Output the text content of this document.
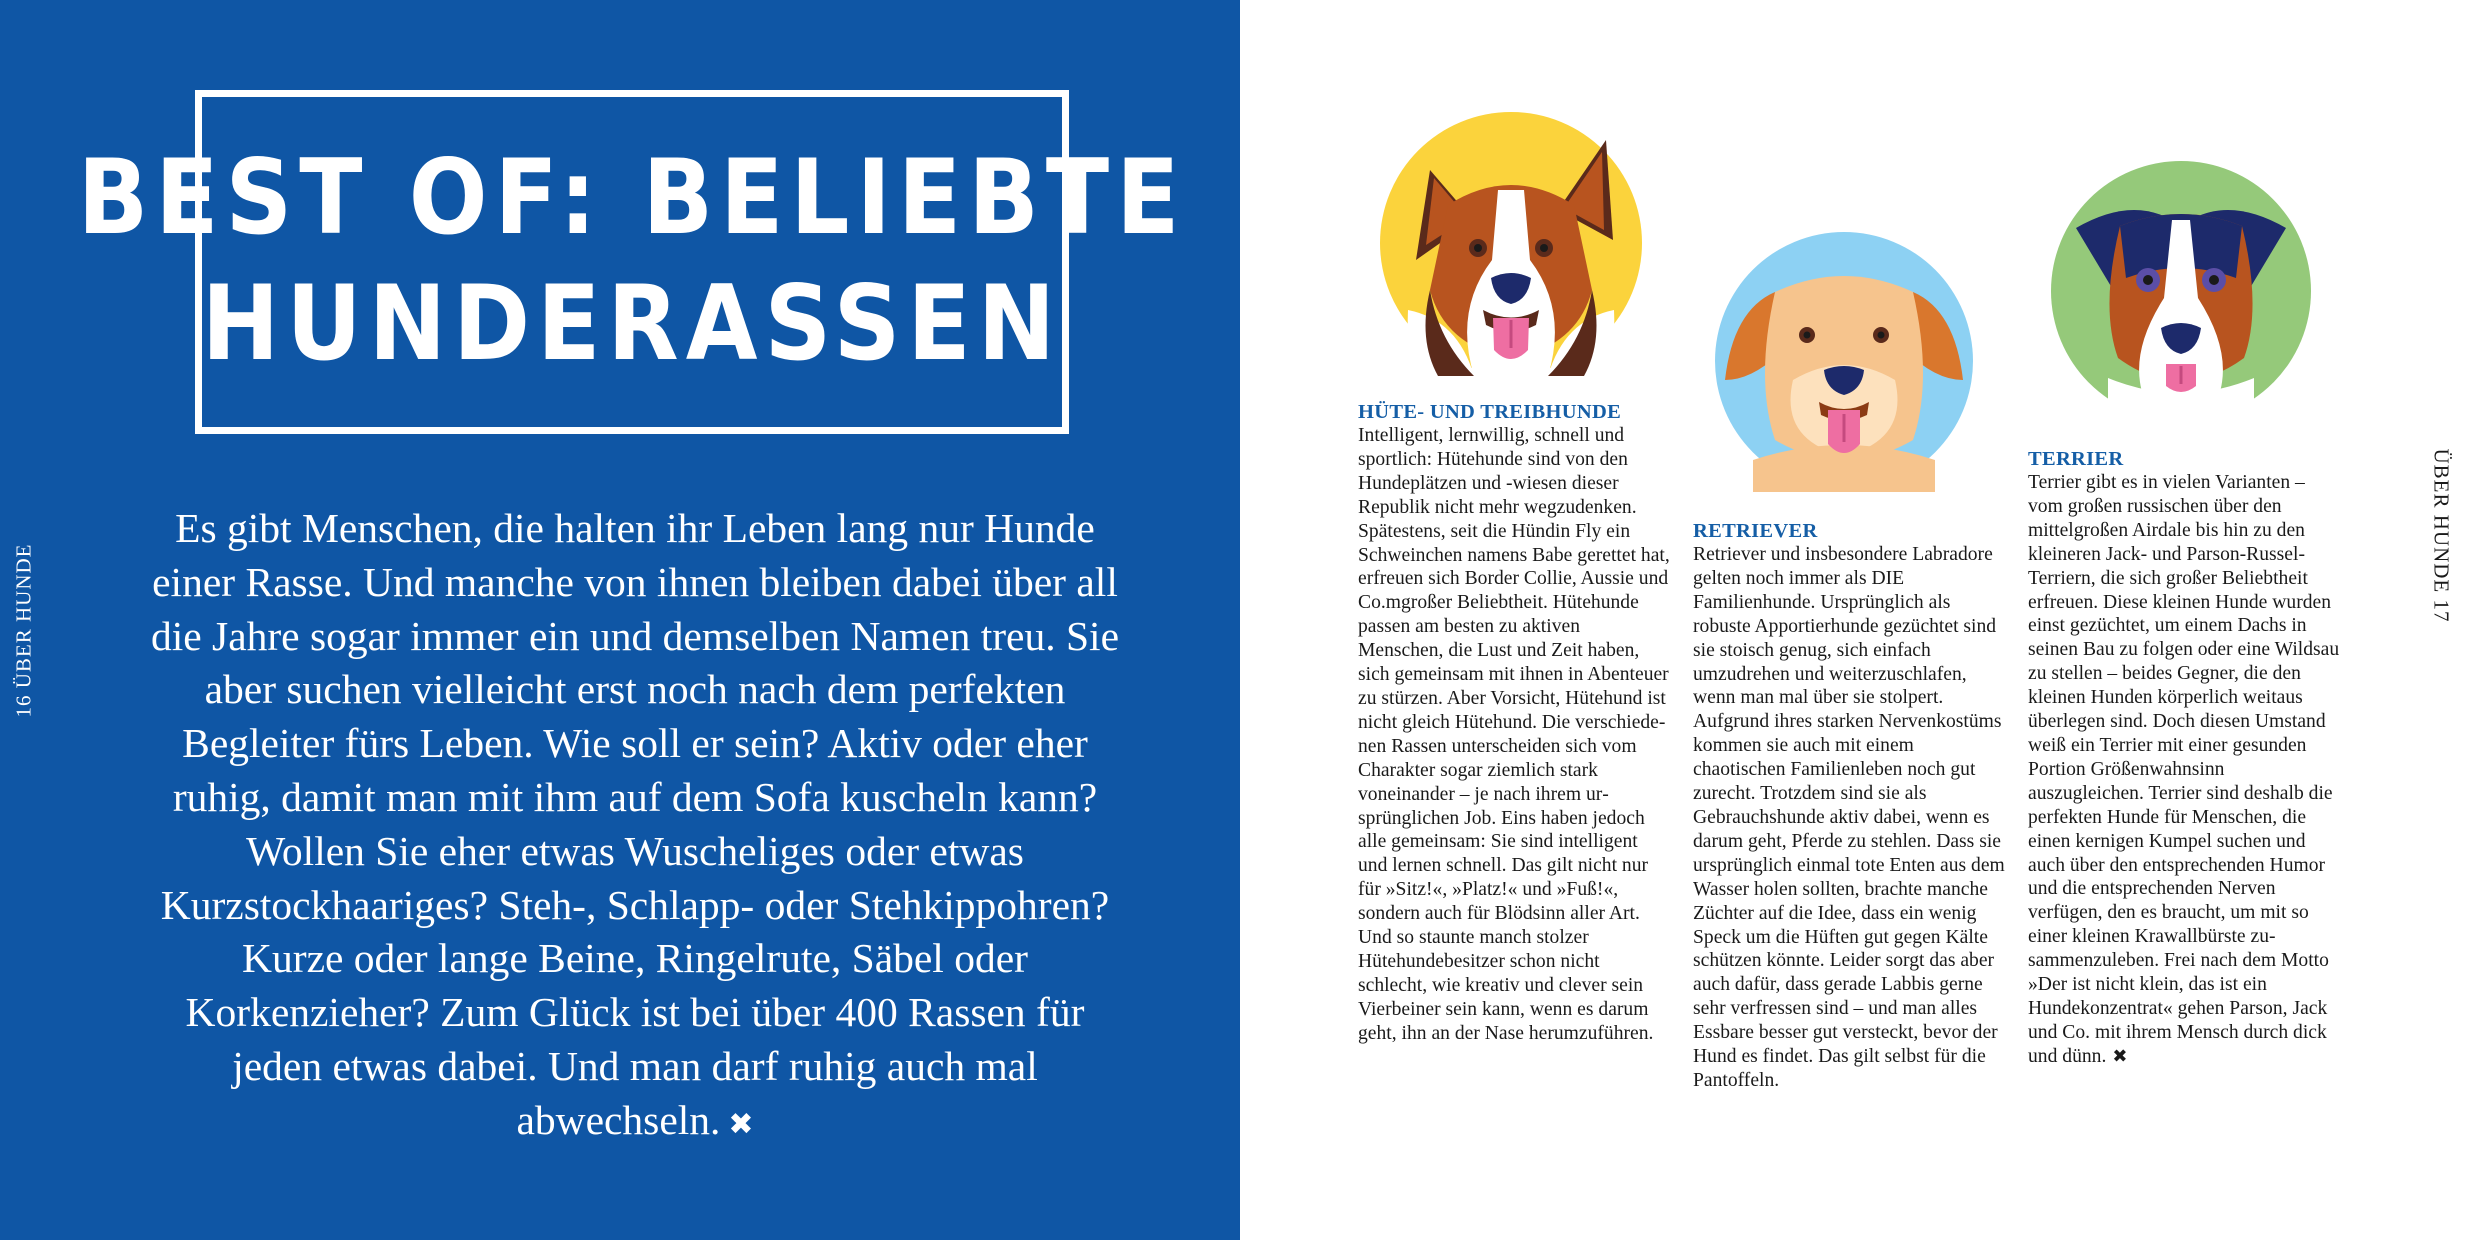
BEST OF: BELIEBTE
HUNDERASSEN
Es gibt Menschen, die halten ihr Leben lang nur Hunde einer Rasse. Und manche von ihnen bleiben dabei über all die Jahre sogar immer ein und demselben Namen treu. Sie aber suchen vielleicht erst noch nach dem perfekten Begleiter fürs Leben. Wie soll er sein? Aktiv oder eher ruhig, damit man mit ihm auf dem Sofa kuscheln kann? Wollen Sie eher etwas Wuscheliges oder etwas Kurzstockhaariges? Steh-, Schlapp- oder Stehkippohren? Kurze oder lange Beine, Ringelrute, Säbel oder Korkenzieher? Zum Glück ist bei über 400 Rassen für jeden etwas dabei. Und man darf ruhig auch mal abwechseln. ✖
16 ÜBER HUNDE
HÜTE- UND TREIBHUNDE

Intelligent, lernwillig, schnell und sportlich: Hütehunde sind von den Hundeplätzen und -wiesen dieser Republik nicht mehr wegzudenken. Spätestens, seit die Hündin Fly ein Schweinchen namens Babe gerettet hat, erfreuen sich Border Collie, Aussie und Co.mgroßer Beliebtheit. Hütehunde passen am besten zu aktiven Menschen, die Lust und Zeit haben, sich gemeinsam mit ihnen in Abenteuer zu stürzen. Aber Vorsicht, Hütehund ist nicht gleich Hütehund. Die verschiedenen Rassen unterscheiden sich vom Charakter sogar ziemlich stark voneinander – je nach ihrem ursprünglichen Job. Eins haben jedoch alle gemeinsam: Sie sind intelligent und lernen schnell. Das gilt nicht nur für »Sitz!«, »Platz!« und »Fuß!«, sondern auch für Blödsinn aller Art. Und so staunte manch stolzer Hütehundebesitzer schon nicht schlecht, wie kreativ und clever sein Vierbeiner sein kann, wenn es darum geht, ihn an der Nase herumzuführen.

RETRIEVER

Retriever und insbesondere Labradore gelten noch immer als DIE Familienhunde. Ursprünglich als robuste Apportierhunde gezüchtet sind sie stoisch genug, sich einfach umzudrehen und weiterzuschlafen, wenn man mal über sie stolpert. Aufgrund ihres starken Nervenkostüms kommen sie auch mit einem chaotischen Familienleben noch gut zurecht. Trotzdem sind sie als Gebrauchshunde aktiv dabei, wenn es darum geht, Pferde zu stehlen. Dass sie ursprünglich einmal tote Enten aus dem Wasser holen sollten, brachte manche Züchter auf die Idee, dass ein wenig Speck um die Hüften gut gegen Kälte schützen könnte. Leider sorgt das aber auch dafür, dass gerade Labbis gerne sehr verfressen sind – und man alles Essbare besser gut versteckt, bevor der Hund es findet. Das gilt selbst für die Pantoffeln.

TERRIER

Terrier gibt es in vielen Varianten – vom großen russischen über den mittelgroßen Airdale bis hin zu den kleineren Jack- und Parson-Russel-Terriern, die sich großer Beliebtheit erfreuen. Diese kleinen Hunde wurden einst gezüchtet, um einem Dachs in seinen Bau zu folgen oder eine Wildsau zu stellen – beides Gegner, die den kleinen Hunden körperlich weitaus überlegen sind. Doch diesen Umstand weiß ein Terrier mit einer gesunden Portion Größenwahnsinn auszugleichen. Terrier sind deshalb die perfekten Hunde für Menschen, die einen kernigen Kumpel suchen und auch über den entsprechenden Humor und die entsprechenden Nerven verfügen, den es braucht, um mit so einer kleinen Krawallbürste zusammenzuleben. Frei nach dem Motto »Der ist nicht klein, das ist ein Hundekonzentrat« gehen Parson, Jack und Co. mit ihrem Mensch durch dick und dünn. ✖

ÜBER HUNDE 17
